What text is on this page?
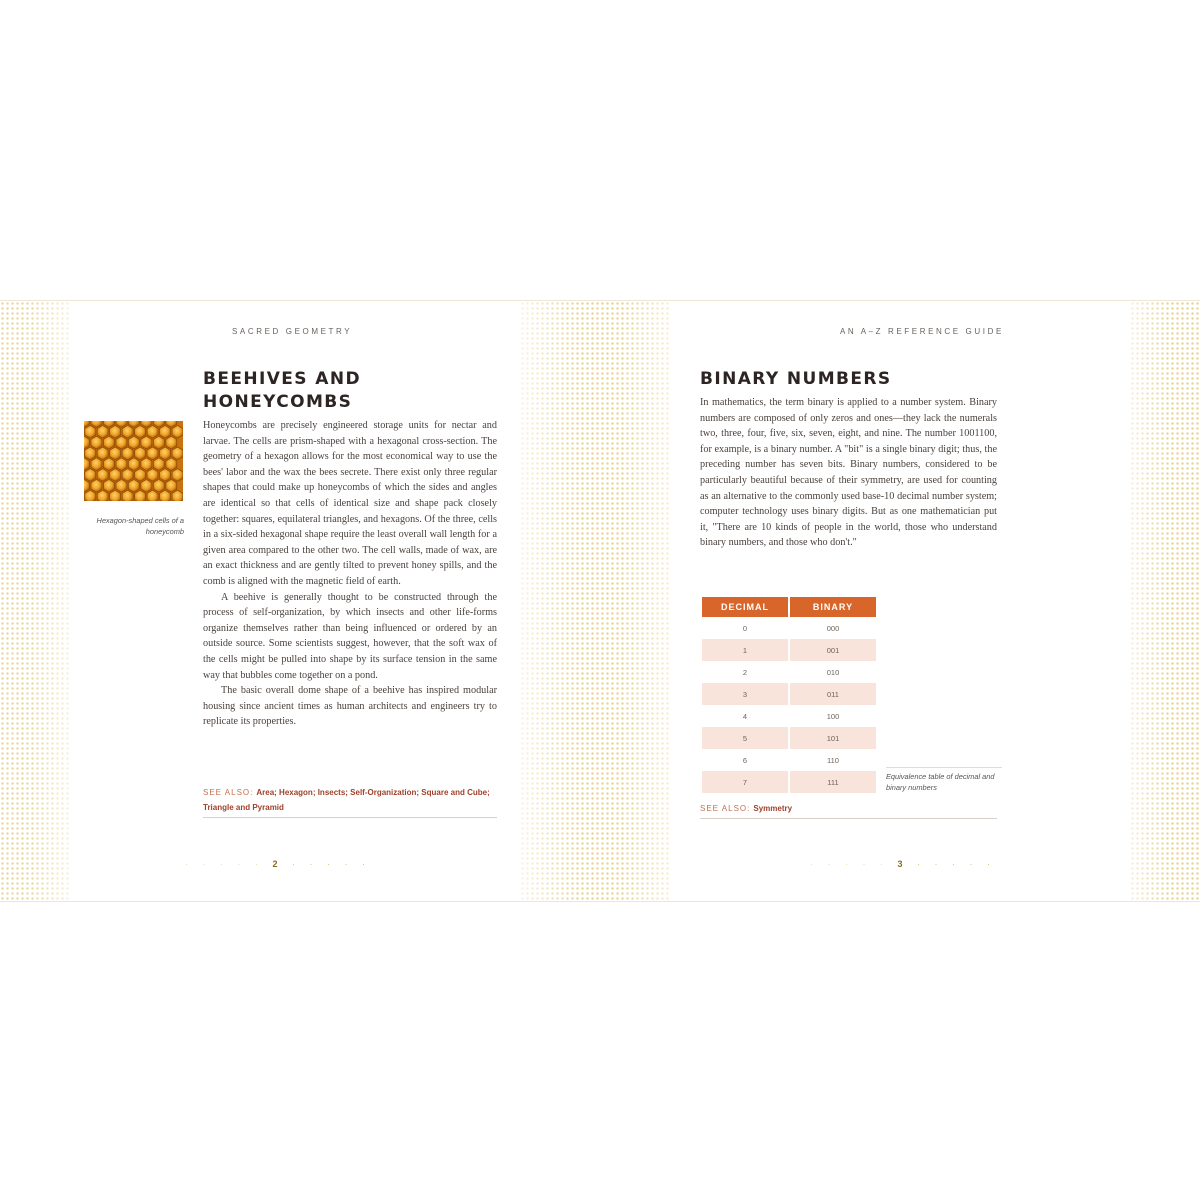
SACRED GEOMETRY
BEEHIVES AND
HONEYCOMBS
Hexagon-shaped cells of a honeycomb

Honeycombs are precisely engineered storage units for nectar and larvae. The cells are prism-shaped with a hexagonal cross-section. The geometry of a hexagon allows for the most economical way to use the bees' labor and the wax the bees secrete. There exist only three regular shapes that could make up honeycombs of which the sides and angles are identical so that cells of identical size and shape pack closely together: squares, equilateral triangles, and hexagons. Of the three, cells in a six-sided hexagonal shape require the least overall wall length for a given area compared to the other two. The cell walls, made of wax, are an exact thickness and are gently tilted to prevent honey spills, and the comb is aligned with the magnetic field of earth.

A beehive is generally thought to be constructed through the process of self-organization, by which insects and other life-forms organize themselves rather than being influenced or ordered by an outside source. Some scientists suggest, however, that the soft wax of the cells might be pulled into shape by its surface tension in the same way that bubbles come together on a pond.

The basic overall dome shape of a beehive has inspired modular housing since ancient times as human architects and engineers try to replicate its properties.

SEE ALSO: Area; Hexagon; Insects; Self-Organization; Square and Cube; Triangle and Pyramid
· · · · · 2 · · · · ·
AN A–Z REFERENCE GUIDE
BINARY NUMBERS

In mathematics, the term binary is applied to a number system. Binary numbers are composed of only zeros and ones—they lack the numerals two, three, four, five, six, seven, eight, and nine. The number 1001100, for example, is a binary number. A "bit" is a single binary digit; thus, the preceding number has seven bits. Binary numbers, considered to be particularly beautiful because of their symmetry, are used for counting as an alternative to the commonly used base-10 decimal number system; computer technology uses binary digits. But as one mathematician put it, "There are 10 kinds of people in the world, those who understand binary numbers, and those who don't."

DECIMAL	BINARY
0	000
1	001
2	010
3	011
4	100
5	101
6	110
7	111
Equivalence table of decimal and binary numbers
SEE ALSO: Symmetry
· · · · · 3 · · · · ·
